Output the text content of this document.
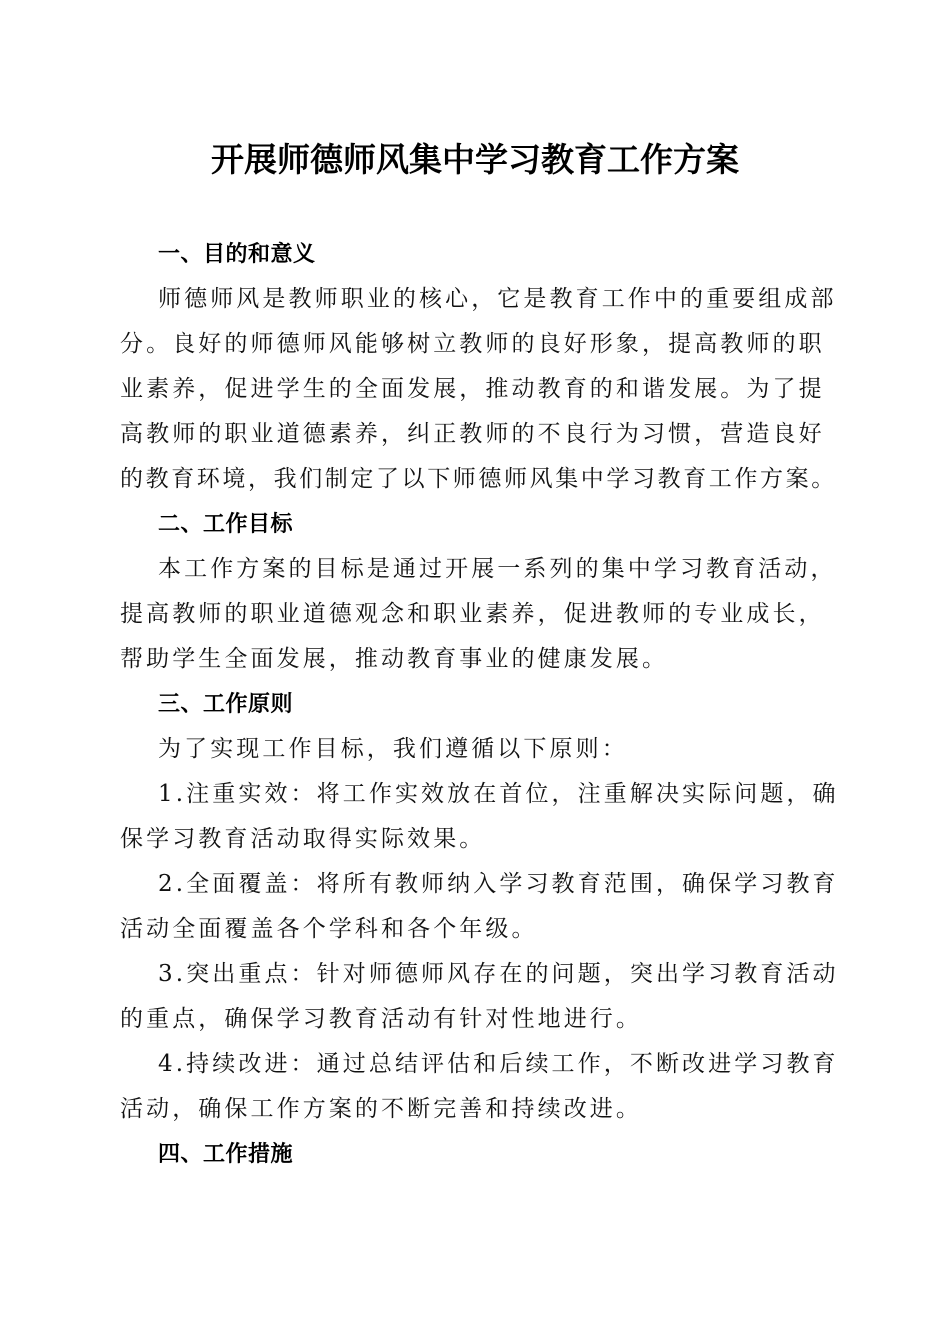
开展师德师风集中学习教育工作方案
一、目的和意义
师德师风是教师职业的核心，它是教育工作中的重要组成部
分。良好的师德师风能够树立教师的良好形象，提高教师的职
业素养，促进学生的全面发展，推动教育的和谐发展。为了提
高教师的职业道德素养，纠正教师的不良行为习惯，营造良好
的教育环境，我们制定了以下师德师风集中学习教育工作方案。
二、工作目标
本工作方案的目标是通过开展一系列的集中学习教育活动，
提高教师的职业道德观念和职业素养，促进教师的专业成长，
帮助学生全面发展，推动教育事业的健康发展。
三、工作原则
为了实现工作目标，我们遵循以下原则：
1.注重实效：将工作实效放在首位，注重解决实际问题，确
保学习教育活动取得实际效果。
2.全面覆盖：将所有教师纳入学习教育范围，确保学习教育
活动全面覆盖各个学科和各个年级。
3.突出重点：针对师德师风存在的问题，突出学习教育活动
的重点，确保学习教育活动有针对性地进行。
4.持续改进：通过总结评估和后续工作，不断改进学习教育
活动，确保工作方案的不断完善和持续改进。
四、工作措施
